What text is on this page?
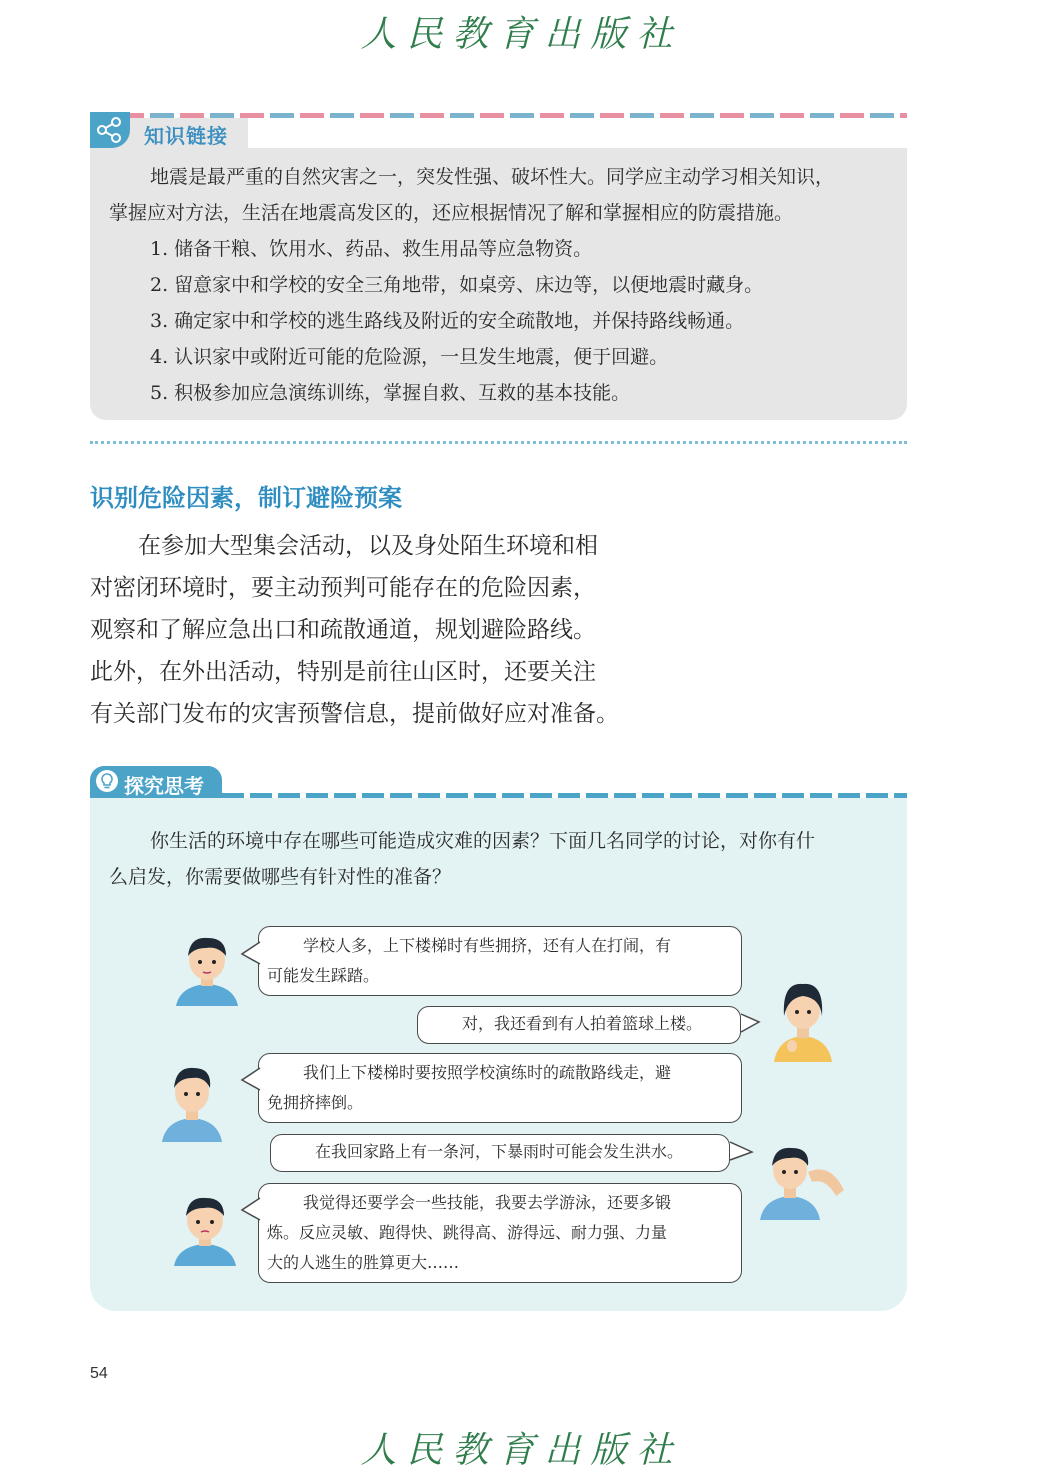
人民教育出版社
知识链接
地震是最严重的自然灾害之一，突发性强、破坏性大。同学应主动学习相关知识，
掌握应对方法，生活在地震高发区的，还应根据情况了解和掌握相应的防震措施。
1. 储备干粮、饮用水、药品、救生用品等应急物资。
2. 留意家中和学校的安全三角地带，如桌旁、床边等，以便地震时藏身。
3. 确定家中和学校的逃生路线及附近的安全疏散地，并保持路线畅通。
4. 认识家中或附近可能的危险源，一旦发生地震，便于回避。
5. 积极参加应急演练训练，掌握自救、互救的基本技能。
识别危险因素，制订避险预案
在参加大型集会活动，以及身处陌生环境和相
对密闭环境时，要主动预判可能存在的危险因素，
观察和了解应急出口和疏散通道，规划避险路线。
此外，在外出活动，特别是前往山区时，还要关注
有关部门发布的灾害预警信息，提前做好应对准备。
探究思考
你生活的环境中存在哪些可能造成灾难的因素？下面几名同学的讨论，对你有什
么启发，你需要做哪些有针对性的准备？
学校人多，上下楼梯时有些拥挤，还有人在打闹，有
可能发生踩踏。
对，我还看到有人拍着篮球上楼。
我们上下楼梯时要按照学校演练时的疏散路线走，避
免拥挤摔倒。
在我回家路上有一条河，下暴雨时可能会发生洪水。
我觉得还要学会一些技能，我要去学游泳，还要多锻
炼。反应灵敏、跑得快、跳得高、游得远、耐力强、力量
大的人逃生的胜算更大……
54
人民教育出版社
